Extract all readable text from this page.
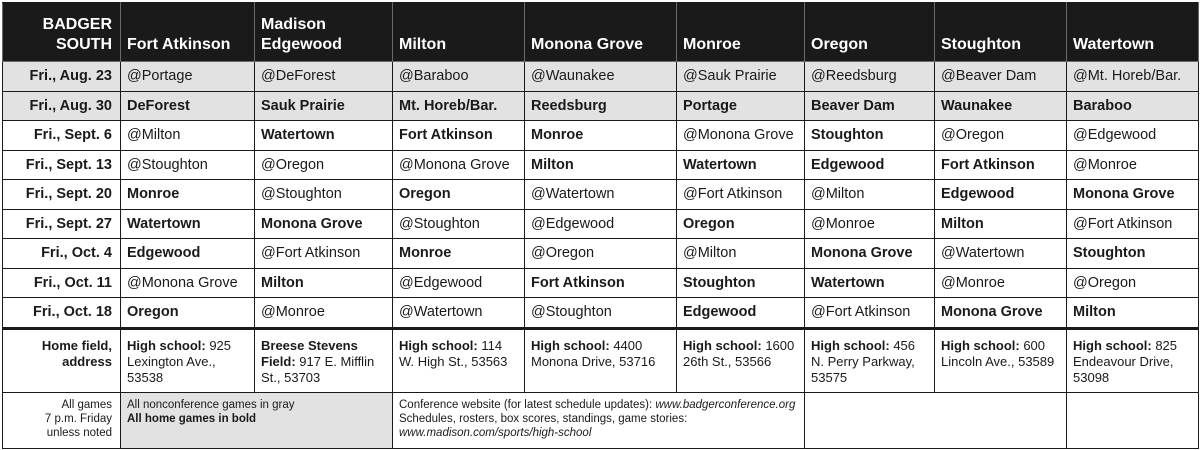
BADGER
SOUTH	Fort Atkinson	Madison Edgewood	Milton	Monona Grove	Monroe	Oregon	Stoughton	Watertown
Fri., Aug. 23	@Portage	@DeForest	@Baraboo	@Waunakee	@Sauk Prairie	@Reedsburg	@Beaver Dam	@Mt. Horeb/Bar.
Fri., Aug. 30	DeForest	Sauk Prairie	Mt. Horeb/Bar.	Reedsburg	Portage	Beaver Dam	Waunakee	Baraboo
Fri., Sept. 6	@Milton	Watertown	Fort Atkinson	Monroe	@Monona Grove	Stoughton	@Oregon	@Edgewood
Fri., Sept. 13	@Stoughton	@Oregon	@Monona Grove	Milton	Watertown	Edgewood	Fort Atkinson	@Monroe
Fri., Sept. 20	Monroe	@Stoughton	Oregon	@Watertown	@Fort Atkinson	@Milton	Edgewood	Monona Grove
Fri., Sept. 27	Watertown	Monona Grove	@Stoughton	@Edgewood	Oregon	@Monroe	Milton	@Fort Atkinson
Fri., Oct. 4	Edgewood	@Fort Atkinson	Monroe	@Oregon	@Milton	Monona Grove	@Watertown	Stoughton
Fri., Oct. 11	@Monona Grove	Milton	@Edgewood	Fort Atkinson	Stoughton	Watertown	@Monroe	@Oregon
Fri., Oct. 18	Oregon	@Monroe	@Watertown	@Stoughton	Edgewood	@Fort Atkinson	Monona Grove	Milton
Home field,
address	High school: 925 Lexington Ave., 53538	Breese Stevens Field: 917 E. Mifflin St., 53703	High school: 114 W. High St., 53563	High school: 4400 Monona Drive, 53716	High school: 1600 26th St., 53566	High school: 456 N. Perry Parkway, 53575	High school: 600 Lincoln Ave., 53589	High school: 825 Endeavour Drive, 53098
All games
7 p.m. Friday
unless noted	All nonconference games in gray
All home games in bold		Conference website (for latest schedule updates): www.badgerconference.org
Schedules, rosters, box scores, standings, game stories:
www.madison.com/sports/high-school					
